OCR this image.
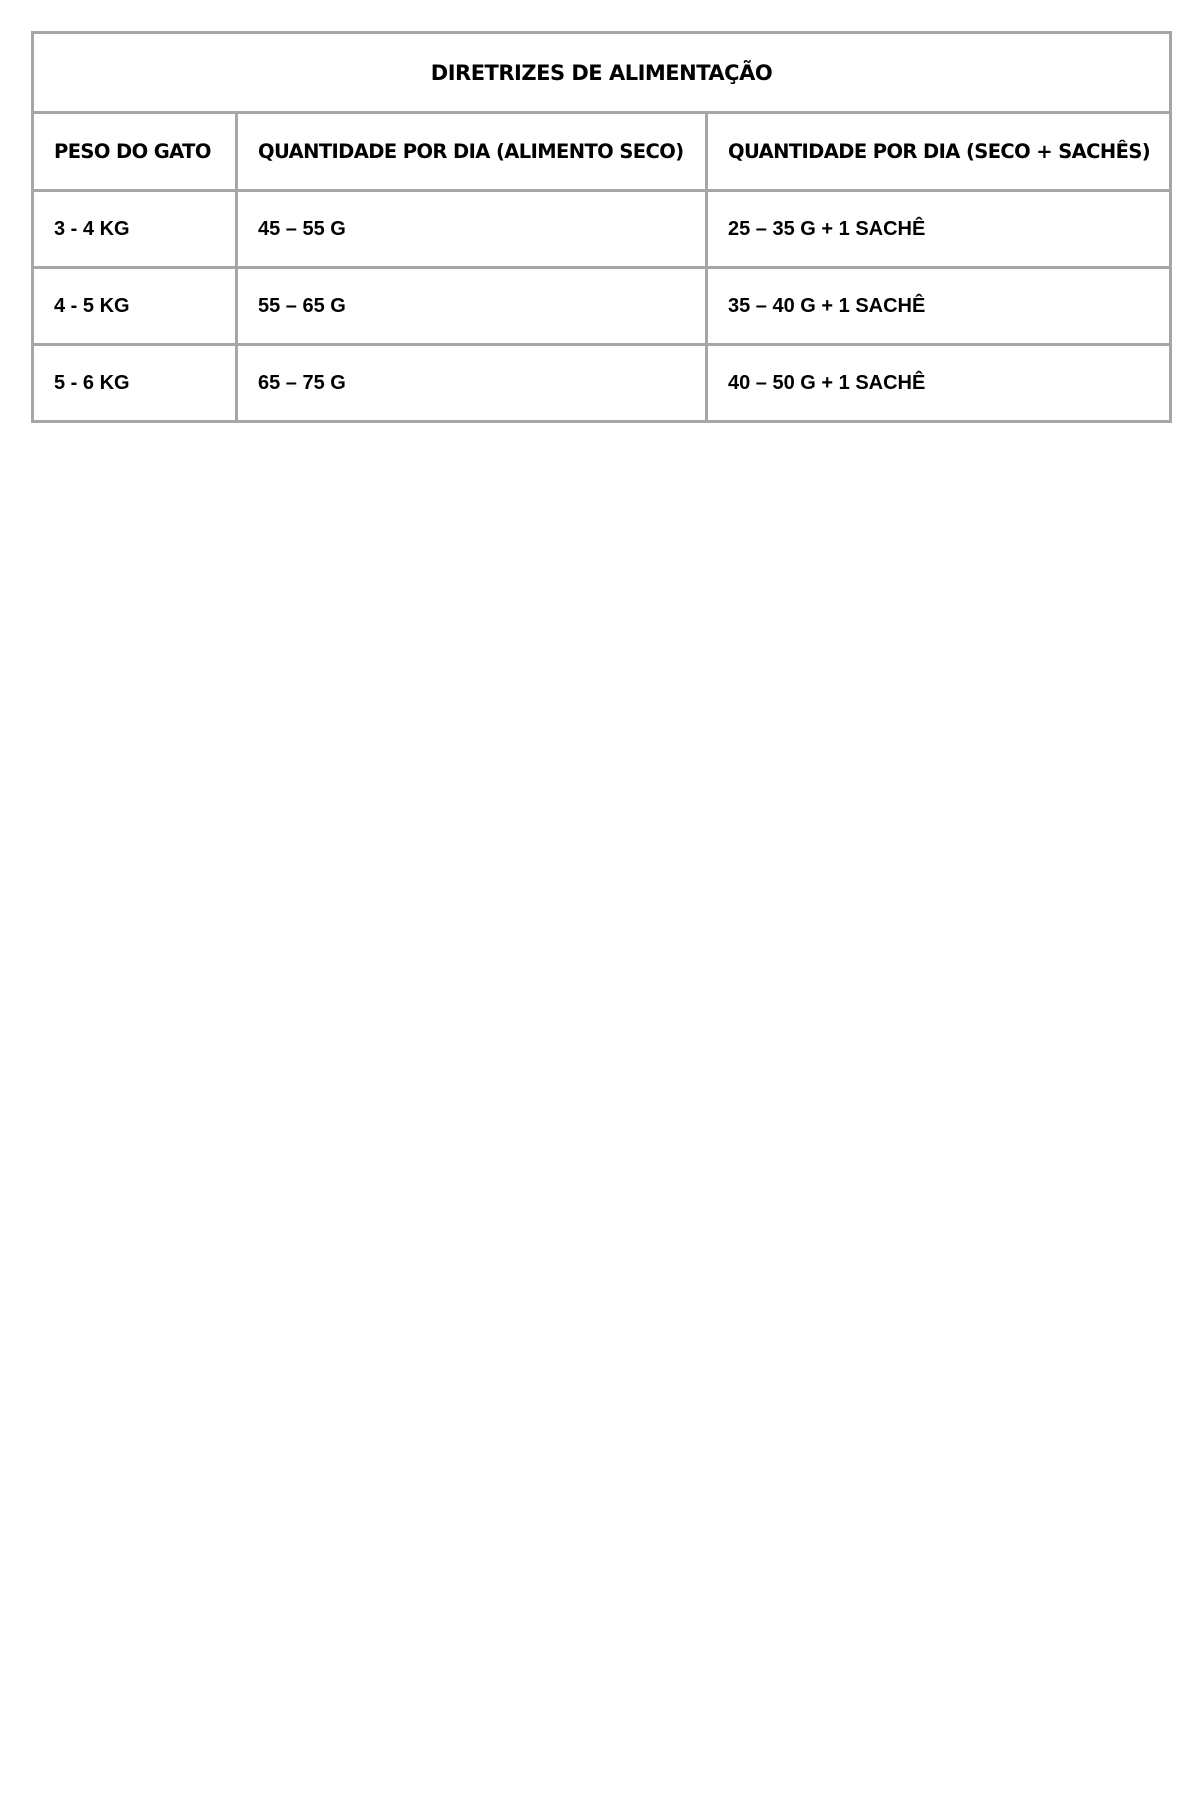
DIRETRIZES DE ALIMENTAÇÃO		
PESO DO GATO	QUANTIDADE POR DIA (ALIMENTO SECO)	QUANTIDADE POR DIA (SECO + SACHÊS)
3 - 4 KG	45 – 55 G	25 – 35 G + 1 SACHÊ
4 - 5 KG	55 – 65 G	35 – 40 G + 1 SACHÊ
5 - 6 KG	65 – 75 G	40 – 50 G + 1 SACHÊ
